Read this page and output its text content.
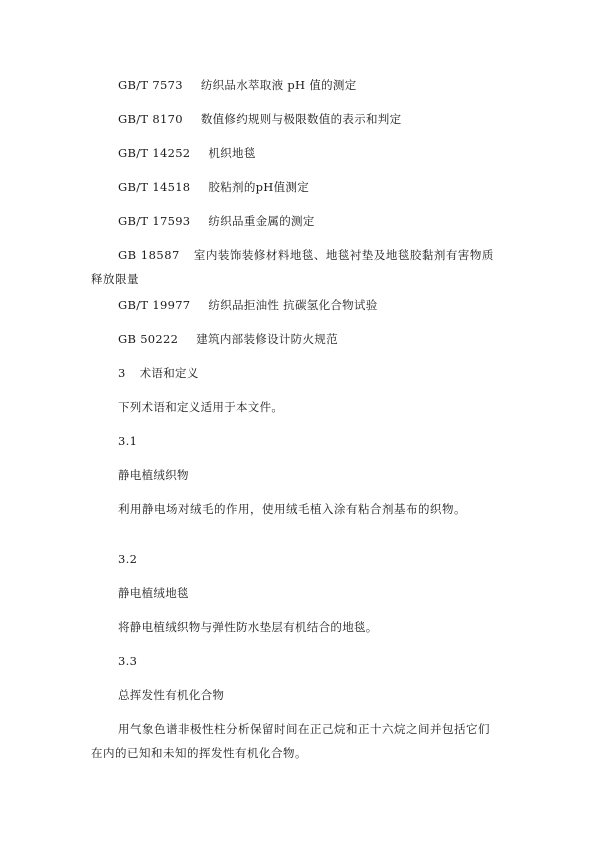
GB/T 7573 纺织品水萃取液 pH 值的测定
GB/T 8170 数值修约规则与极限数值的表示和判定
GB/T 14252 机织地毯
GB/T 14518 胶粘剂的pH值测定
GB/T 17593 纺织品重金属的测定
GB 18587 室内装饰装修材料地毯、地毯衬垫及地毯胶黏剂有害物质释放限量
GB/T 19977 纺织品拒油性 抗碳氢化合物试验
GB 50222 建筑内部装修设计防火规范
3 术语和定义
下列术语和定义适用于本文件。
3.1
静电植绒织物
利用静电场对绒毛的作用，使用绒毛植入涂有粘合剂基布的织物。
3.2
静电植绒地毯
将静电植绒织物与弹性防水垫层有机结合的地毯。
3.3
总挥发性有机化合物
用气象色谱非极性柱分析保留时间在正己烷和正十六烷之间并包括它们在内的已知和未知的挥发性有机化合物。
